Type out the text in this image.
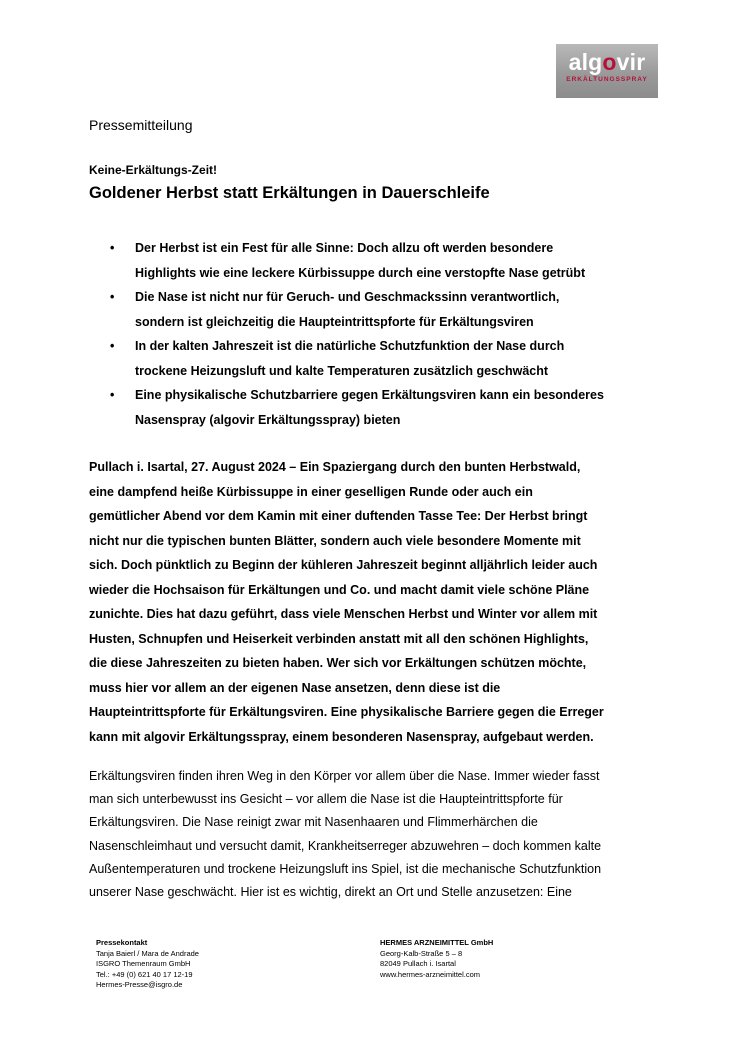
algovir
ERKÄLTUNGSSPRAY
Pressemitteilung
Keine-Erkältungs-Zeit!
Goldener Herbst statt Erkältungen in Dauerschleife
• Der Herbst ist ein Fest für alle Sinne: Doch allzu oft werden besondere
Highlights wie eine leckere Kürbissuppe durch eine verstopfte Nase getrübt
• Die Nase ist nicht nur für Geruch- und Geschmackssinn verantwortlich,
sondern ist gleichzeitig die Haupteintrittspforte für Erkältungsviren
• In der kalten Jahreszeit ist die natürliche Schutzfunktion der Nase durch
trockene Heizungsluft und kalte Temperaturen zusätzlich geschwächt
• Eine physikalische Schutzbarriere gegen Erkältungsviren kann ein besonderes
Nasenspray (algovir Erkältungsspray) bieten

Pullach i. Isartal, 27. August 2024 – Ein Spaziergang durch den bunten Herbstwald,
eine dampfend heiße Kürbissuppe in einer geselligen Runde oder auch ein
gemütlicher Abend vor dem Kamin mit einer duftenden Tasse Tee: Der Herbst bringt
nicht nur die typischen bunten Blätter, sondern auch viele besondere Momente mit
sich. Doch pünktlich zu Beginn der kühleren Jahreszeit beginnt alljährlich leider auch
wieder die Hochsaison für Erkältungen und Co. und macht damit viele schöne Pläne
zunichte. Dies hat dazu geführt, dass viele Menschen Herbst und Winter vor allem mit
Husten, Schnupfen und Heiserkeit verbinden anstatt mit all den schönen Highlights,
die diese Jahreszeiten zu bieten haben. Wer sich vor Erkältungen schützen möchte,
muss hier vor allem an der eigenen Nase ansetzen, denn diese ist die
Haupteintrittspforte für Erkältungsviren. Eine physikalische Barriere gegen die Erreger
kann mit algovir Erkältungsspray, einem besonderen Nasenspray, aufgebaut werden.

Erkältungsviren finden ihren Weg in den Körper vor allem über die Nase. Immer wieder fasst
man sich unterbewusst ins Gesicht – vor allem die Nase ist die Haupteintrittspforte für
Erkältungsviren. Die Nase reinigt zwar mit Nasenhaaren und Flimmerhärchen die
Nasenschleimhaut und versucht damit, Krankheitserreger abzuwehren – doch kommen kalte
Außentemperaturen und trockene Heizungsluft ins Spiel, ist die mechanische Schutzfunktion
unserer Nase geschwächt. Hier ist es wichtig, direkt an Ort und Stelle anzusetzen: Eine

Pressekontakt
Tanja Baierl / Mara de Andrade
ISGRO Themenraum GmbH
Tel.: +49 (0) 621 40 17 12-19
Hermes-Presse@isgro.de
HERMES ARZNEIMITTEL GmbH
Georg-Kalb-Straße 5 – 8
82049 Pullach i. Isartal
www.hermes-arzneimittel.com
